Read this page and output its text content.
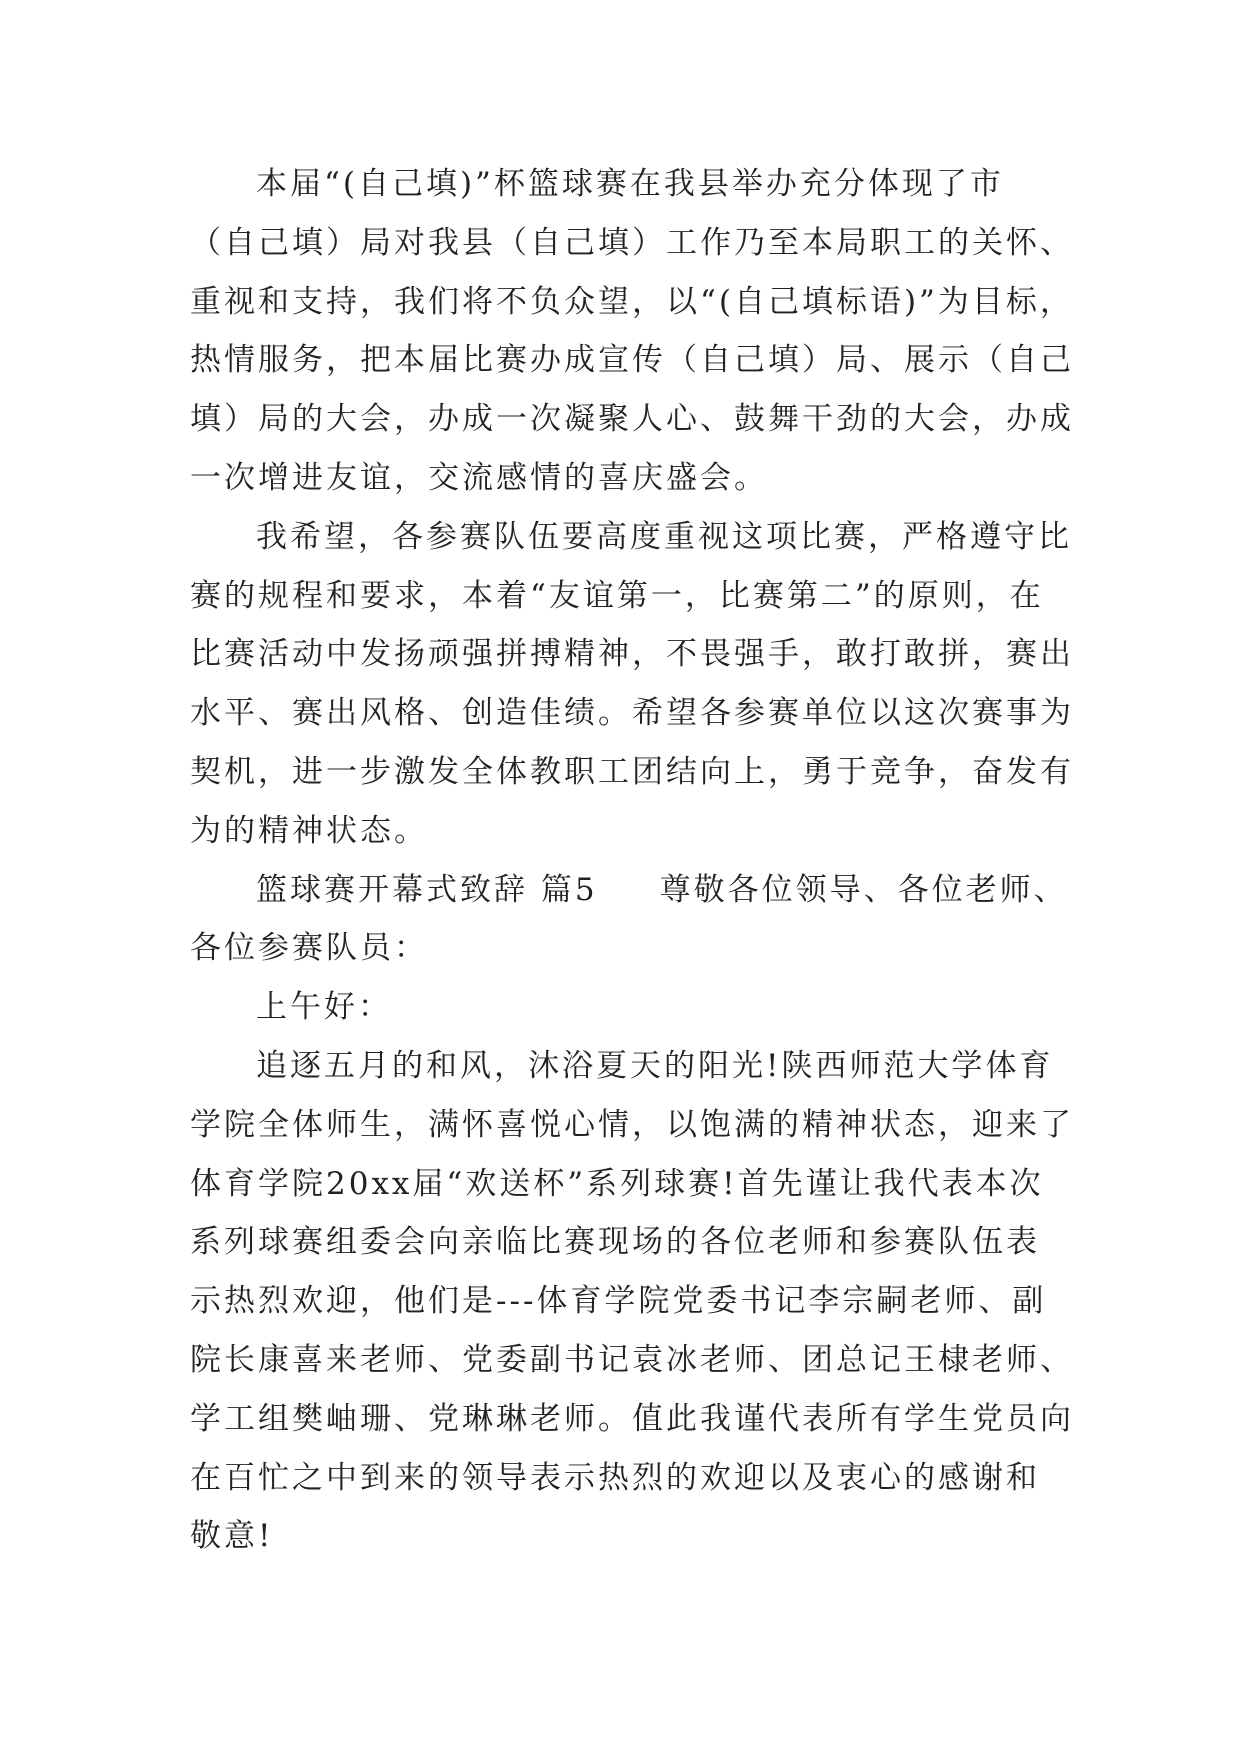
本届“(自己填)”杯篮球赛在我县举办充分体现了市
（自己填）局对我县（自己填）工作乃至本局职工的关怀、
重视和支持，我们将不负众望，以“(自己填标语)”为目标，
热情服务，把本届比赛办成宣传（自己填）局、展示（自己
填）局的大会，办成一次凝聚人心、鼓舞干劲的大会，办成
一次增进友谊，交流感情的喜庆盛会。
我希望，各参赛队伍要高度重视这项比赛，严格遵守比
赛的规程和要求，本着“友谊第一，比赛第二”的原则，在
比赛活动中发扬顽强拼搏精神，不畏强手，敢打敢拼，赛出
水平、赛出风格、创造佳绩。希望各参赛单位以这次赛事为
契机，进一步激发全体教职工团结向上，勇于竞争，奋发有
为的精神状态。
篮球赛开幕式致辞 篇5 尊敬各位领导、各位老师、
各位参赛队员：
上午好：
追逐五月的和风，沐浴夏天的阳光!陕西师范大学体育
学院全体师生，满怀喜悦心情，以饱满的精神状态，迎来了
体育学院20xx届“欢送杯”系列球赛!首先谨让我代表本次
系列球赛组委会向亲临比赛现场的各位老师和参赛队伍表
示热烈欢迎，他们是---体育学院党委书记李宗嗣老师、副
院长康喜来老师、党委副书记袁冰老师、团总记王棣老师、
学工组樊岫珊、党琳琳老师。值此我谨代表所有学生党员向
在百忙之中到来的领导表示热烈的欢迎以及衷心的感谢和
敬意!
